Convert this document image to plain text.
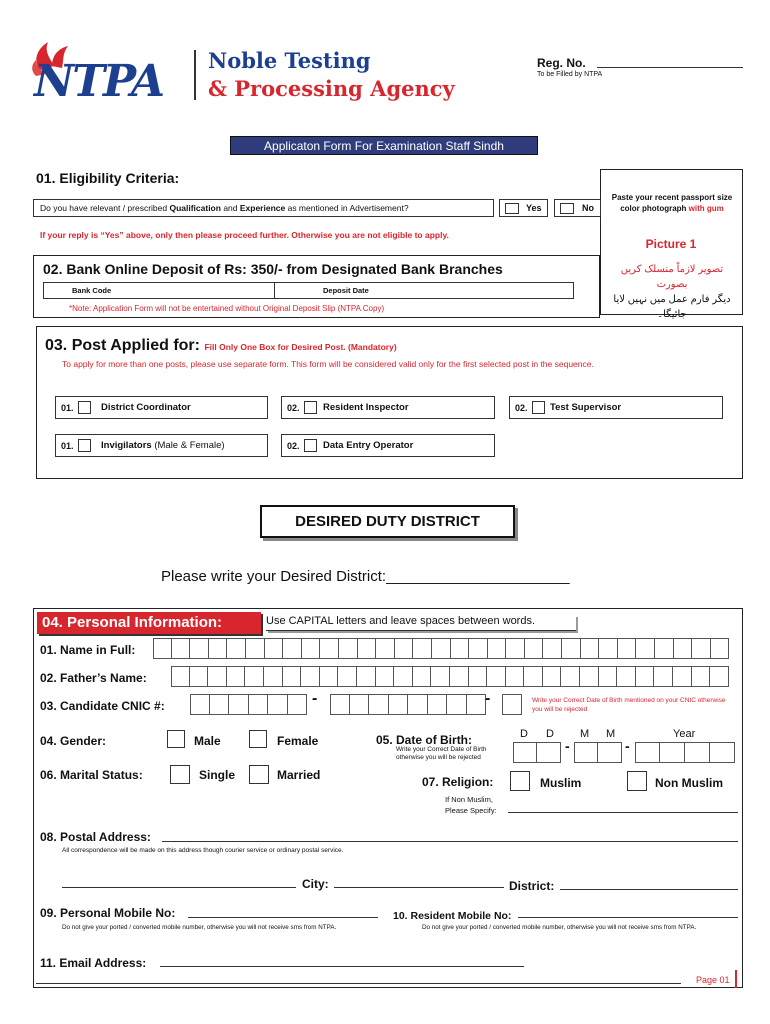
NTPA Noble Testing
& Processing Agency
Reg. No.
To be Filled by NTPA
Applicaton Form For Examination Staff Sindh
Paste your recent passport size color photograph with gum
Picture 1
تصویر لازماً منسلک کریں بصورت
دیگر فارم عمل میں نہیں لایا جائیگا۔
01. Eligibility Criteria:
Do you have relevant / prescribed Qualification and Experience as mentioned in Advertisement?	Yes	No
If your reply is “Yes” above, only then please proceed further. Otherwise you are not eligible to apply.
02. Bank Online Deposit of Rs: 350/- from Designated Bank Branches
Bank Code	Deposit Date
*Note: Application Form will not be entertained without Original Deposit Slip (NTPA Copy)
03. Post Applied for: Fill Only One Box for Desired Post. (Mandatory)
To apply for more than one posts, please use separate form. This form will be considered valid only for the first selected post in the sequence.
01.	District Coordinator	02. Resident Inspector	02. Test Supervisor
01.	Invigilators (Male & Female)	02. Data Entry Operator
DESIRED DUTY DISTRICT
Please write your Desired District:______________________
04. Personal Information:	Use CAPITAL letters and leave spaces between words.
01. Name in Full:
02. Father’s Name:
03. Candidate CNIC #:	-	-	Write your Correct Date of Birth mentioned on your CNIC otherwise you will be rejected
04. Gender:	Male	Female	05. Date of Birth:
Write your Correct Date of Birth otherwise you will be rejected
D D M M	Year
-	-
06. Marital Status:	Single	Married	07. Religion:	Muslim	Non Muslim
If Non Muslim, Please Specify:
08. Postal Address:
All correspondence will be made on this address though courier service or ordinary postal service.
City:	District:
09. Personal Mobile No:
Do not give your ported / converted mobile number, otherwise you will not receive sms from NTPA.
10. Resident Mobile No:
Do not give your ported / converted mobile number, otherwise you will not receive sms from NTPA.
11. Email Address:
Page 01
